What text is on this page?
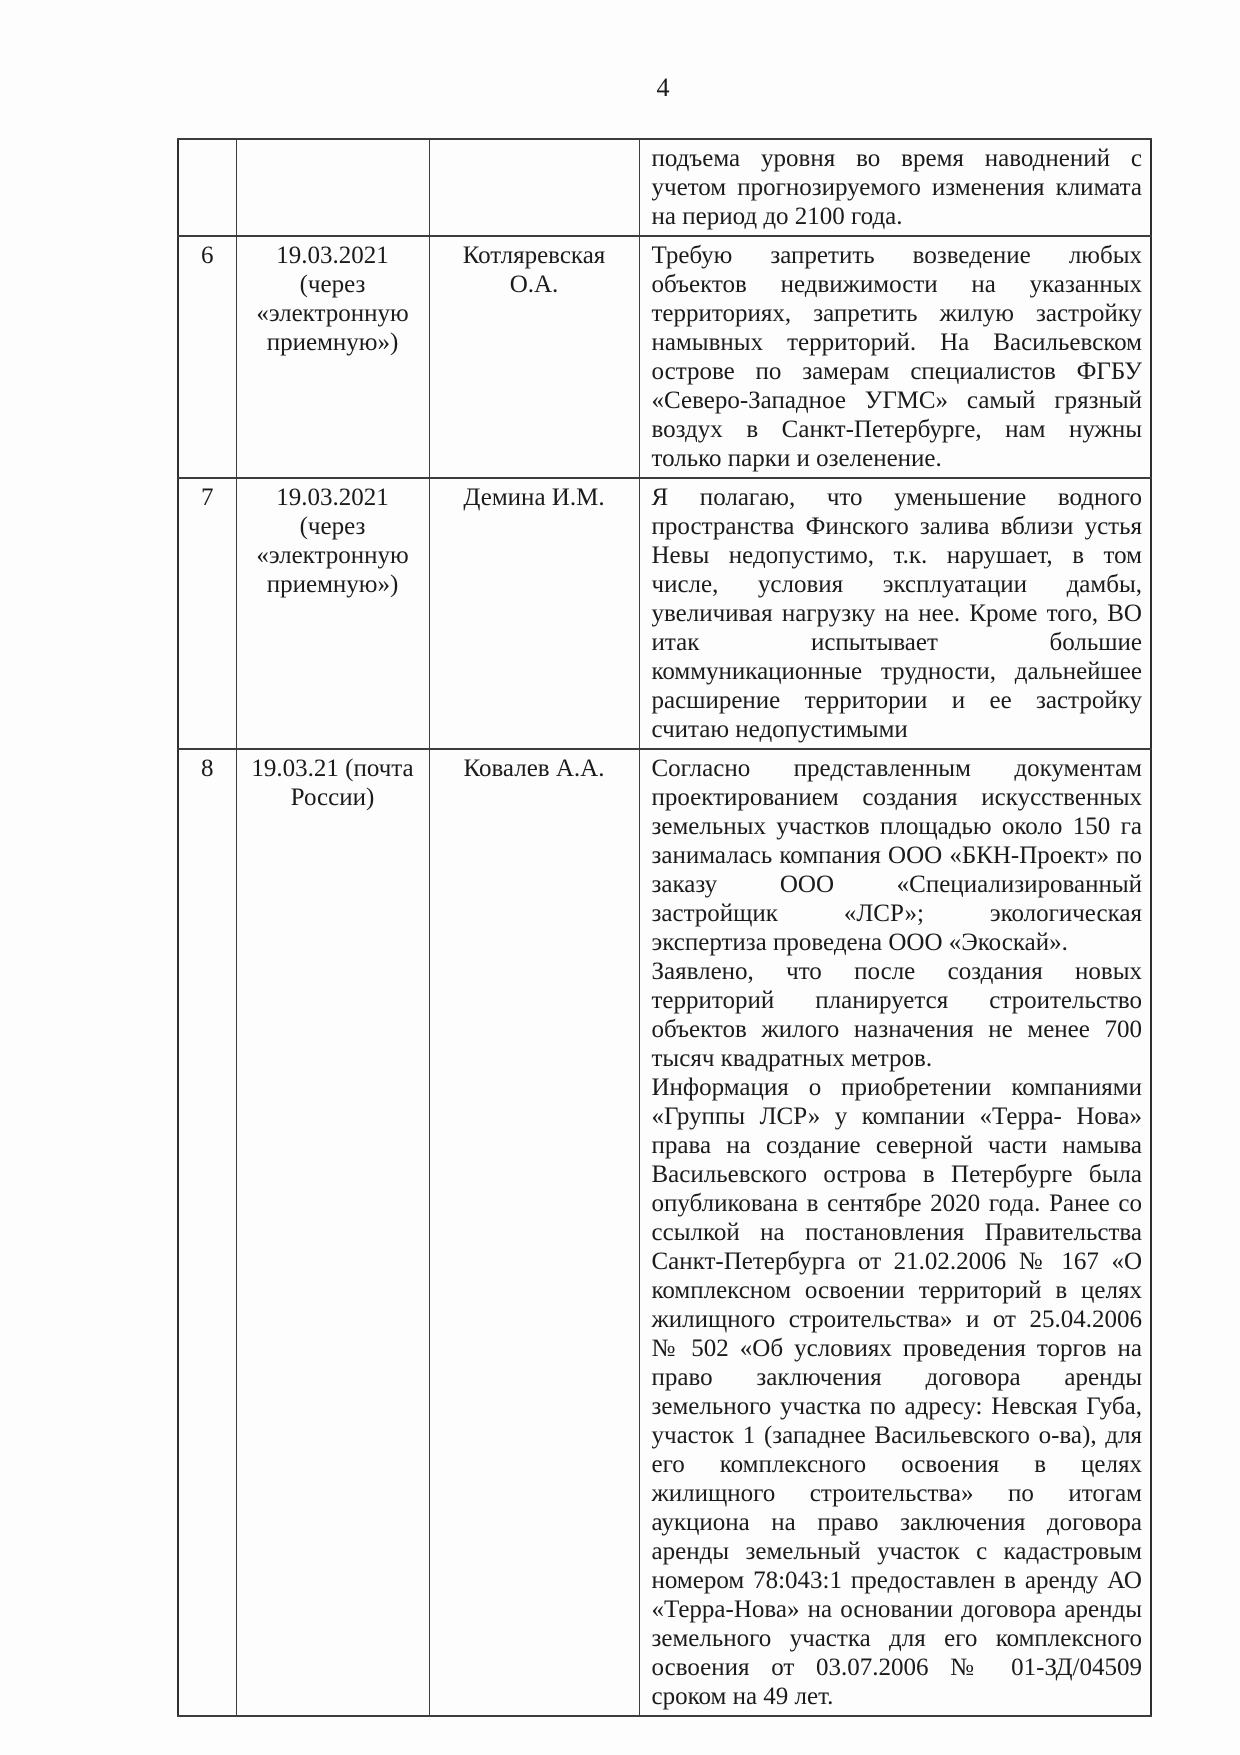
4

			подъема уровня во время наводнений с учетом прогнозируемого изменения климата на период до 2100 года.

6	19.03.2021 (через «электронную приемную»)	Котляревская О.А.	Требую запретить возведение любых объектов недвижимости на указанных территориях, запретить жилую застройку намывных территорий. На Васильевском острове по замерам специалистов ФГБУ «Северо-Западное УГМС» самый грязный воздух в Санкт-Петербурге, нам нужны только парки и озеленение.

7	19.03.2021 (через «электронную приемную»)	Демина И.М.	Я полагаю, что уменьшение водного пространства Финского залива вблизи устья Невы недопустимо, т.к. нарушает, в том числе, условия эксплуатации дамбы, увеличивая нагрузку на нее. Кроме того, ВО итак испытывает большие коммуникационные трудности, дальнейшее расширение территории и ее застройку считаю недопустимыми

8	19.03.21 (почта России)	Ковалев А.А.	Согласно представленным документам проектированием создания искусственных земельных участков площадью около 150 га занималась компания ООО «БКН-Проект» по заказу ООО «Специализированный застройщик «ЛСР»; экологическая экспертиза проведена ООО «Экоскай».

Заявлено, что после создания новых территорий планируется строительство объектов жилого назначения не менее 700 тысяч квадратных метров.

Информация о приобретении компаниями «Группы ЛСР» у компании «Терра- Нова» права на создание северной части намыва Васильевского острова в Петербурге была опубликована в сентябре 2020 года. Ранее со ссылкой на постановления Правительства Санкт-Петербурга от 21.02.2006 № 167 «О комплексном освоении территорий в целях жилищного строительства» и от 25.04.2006 № 502 «Об условиях проведения торгов на право заключения договора аренды земельного участка по адресу: Невская Губа, участок 1 (западнее Васильевского о-ва), для его комплексного освоения в целях жилищного строительства» по итогам аукциона на право заключения договора аренды земельный участок с кадастровым номером 78:043:1 предоставлен в аренду АО «Терра-Нова» на основании договора аренды земельного участка для его комплексного освоения от 03.07.2006 № 01-ЗД/04509 сроком на 49 лет.
